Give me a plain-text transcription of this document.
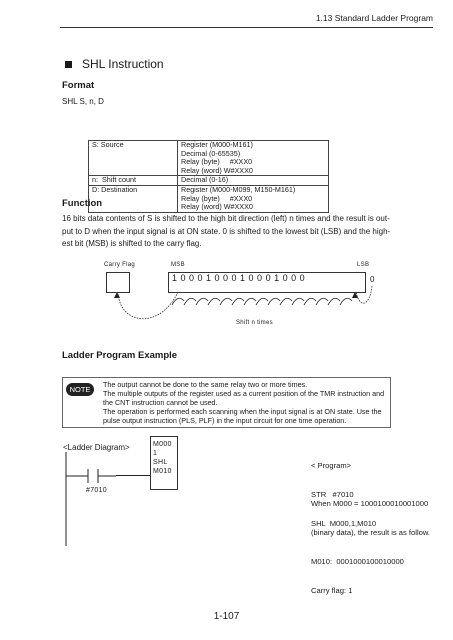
1.13 Standard Ladder Program
SHL Instruction
Format
SHL S, n, D
S: Source	Register (M000-M161)
Decimal (0-65535)
Relay (byte)     #XXX0
Relay (word) W#XXX0

n:  Shift count	Decimal (0-16)

D: Destination	Register (M000-M099, M150-M161)
Relay (byte)     #XXX0
Relay (word) W#XXX0
Function
16 bits data contents of S is shifted to the high bit direction (left) n times and the result is out-
put to D when the input signal is at ON state. 0 is shifted to the lowest bit (LSB) and the high-
est bit (MSB) is shifted to the carry flag.
Carry Flag	MSB	LSB
1 0 0 0 1 0 0 0 1 0 0 0 1 0 0 0	0
Shift n times
Ladder Program Example
NOTE
The output cannot be done to the same relay two or more times.
The multiple outputs of the register used as a current position of the TMR instruction and
the CNT instruction cannot be used.
The operation is performed each scanning when the input signal is at ON state. Use the
pulse output instruction (PLS, PLF) in the input circuit for one time operation.
<Ladder Diagram>
#7010
M000
1
SHL
M010

< Program>

STR   #7010

SHL  M000,1,M010

When M000 = 1000100010001000

(binary data), the result is as follow.

M010:  0001000100010000

Carry flag: 1

1-107
